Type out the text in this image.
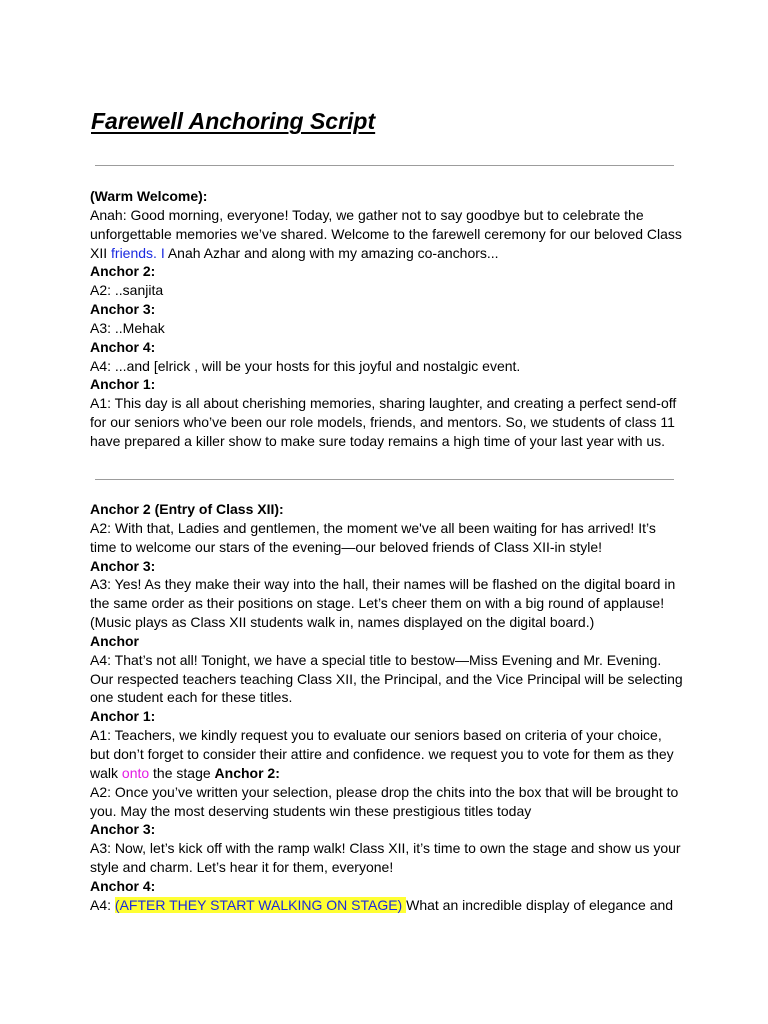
Farewell Anchoring Script

(Warm Welcome):

Anah: Good morning, everyone! Today, we gather not to say goodbye but to celebrate the

unforgettable memories we’ve shared. Welcome to the farewell ceremony for our beloved Class

XII friends. I Anah Azhar and along with my amazing co-anchors...

Anchor 2:

A2: ..sanjita

Anchor 3:

A3: ..Mehak

Anchor 4:

A4: ...and [elrick , will be your hosts for this joyful and nostalgic event.

Anchor 1:

A1: This day is all about cherishing memories, sharing laughter, and creating a perfect send-off

for our seniors who’ve been our role models, friends, and mentors. So, we students of class 11

have prepared a killer show to make sure today remains a high time of your last year with us.

Anchor 2 (Entry of Class XII):

A2: With that, Ladies and gentlemen, the moment we've all been waiting for has arrived! It’s

time to welcome our stars of the evening—our beloved friends of Class XII-in style!

Anchor 3:

A3: Yes! As they make their way into the hall, their names will be flashed on the digital board in

the same order as their positions on stage. Let’s cheer them on with a big round of applause!

(Music plays as Class XII students walk in, names displayed on the digital board.)

Anchor

A4: That’s not all! Tonight, we have a special title to bestow—Miss Evening and Mr. Evening.

Our respected teachers teaching Class XII, the Principal, and the Vice Principal will be selecting

one student each for these titles.

Anchor 1:

A1: Teachers, we kindly request you to evaluate our seniors based on criteria of your choice,

but don’t forget to consider their attire and confidence. we request you to vote for them as they

walk onto the stage Anchor 2:

A2: Once you’ve written your selection, please drop the chits into the box that will be brought to

you. May the most deserving students win these prestigious titles today

Anchor 3:

A3: Now, let’s kick off with the ramp walk! Class XII, it’s time to own the stage and show us your

style and charm. Let’s hear it for them, everyone!

Anchor 4:

A4: (AFTER THEY START WALKING ON STAGE) What an incredible display of elegance and
